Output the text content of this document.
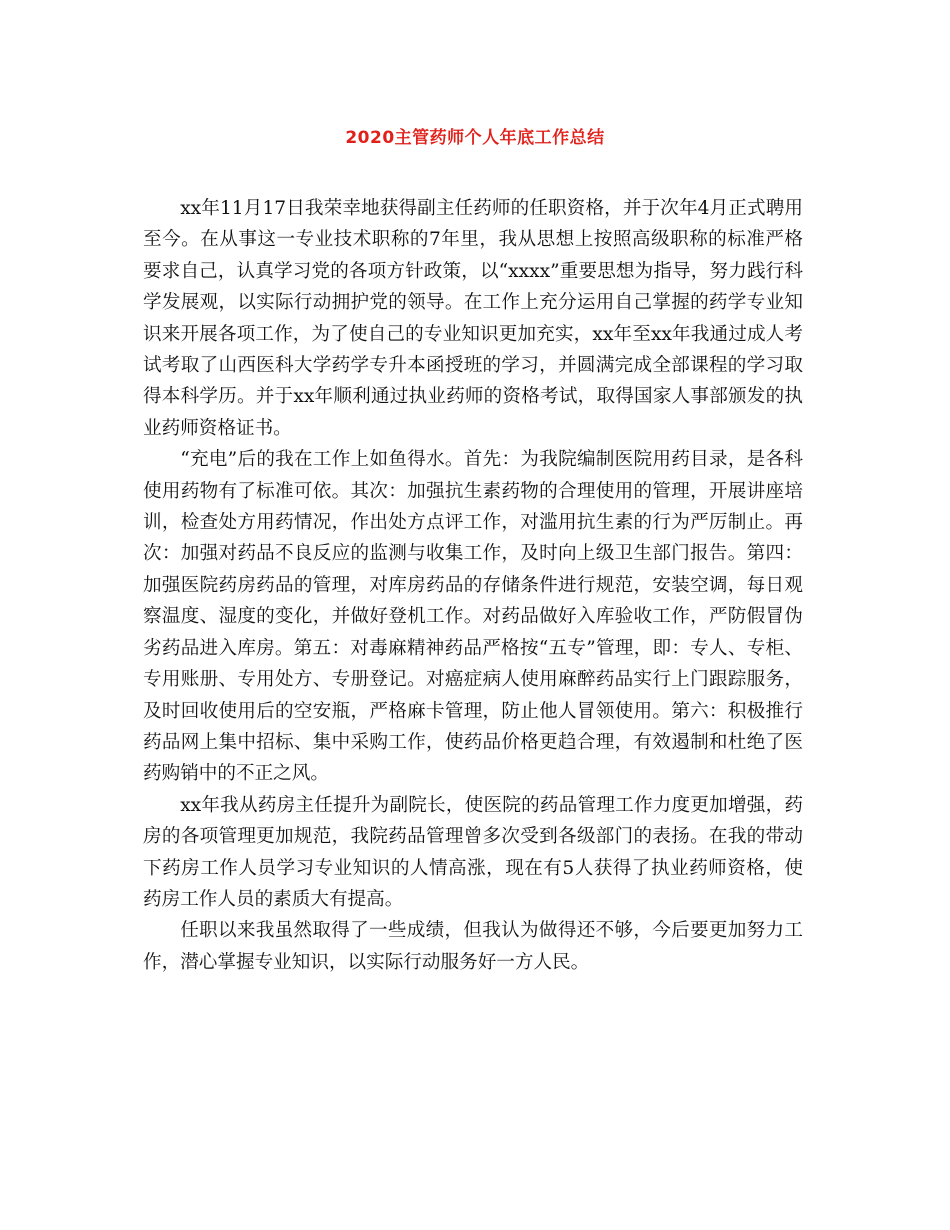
2020主管药师个人年底工作总结

xx年11月17日我荣幸地获得副主任药师的任职资格，并于次年4月正式聘用至今。在从事这一专业技术职称的7年里，我从思想上按照高级职称的标准严格要求自己，认真学习党的各项方针政策，以“xxxx”重要思想为指导，努力践行科学发展观，以实际行动拥护党的领导。在工作上充分运用自己掌握的药学专业知识来开展各项工作，为了使自己的专业知识更加充实，xx年至xx年我通过成人考试考取了山西医科大学药学专升本函授班的学习，并圆满完成全部课程的学习取得本科学历。并于xx年顺利通过执业药师的资格考试，取得国家人事部颁发的执业药师资格证书。

“充电”后的我在工作上如鱼得水。首先：为我院编制医院用药目录，是各科使用药物有了标准可依。其次：加强抗生素药物的合理使用的管理，开展讲座培训，检查处方用药情况，作出处方点评工作，对滥用抗生素的行为严厉制止。再次：加强对药品不良反应的监测与收集工作，及时向上级卫生部门报告。第四：加强医院药房药品的管理，对库房药品的存储条件进行规范，安装空调，每日观察温度、湿度的变化，并做好登机工作。对药品做好入库验收工作，严防假冒伪劣药品进入库房。第五：对毒麻精神药品严格按“五专”管理，即：专人、专柜、专用账册、专用处方、专册登记。对癌症病人使用麻醉药品实行上门跟踪服务，及时回收使用后的空安瓶，严格麻卡管理，防止他人冒领使用。第六：积极推行药品网上集中招标、集中采购工作，使药品价格更趋合理，有效遏制和杜绝了医药购销中的不正之风。

xx年我从药房主任提升为副院长，使医院的药品管理工作力度更加增强，药房的各项管理更加规范，我院药品管理曾多次受到各级部门的表扬。在我的带动下药房工作人员学习专业知识的人情高涨，现在有5人获得了执业药师资格，使药房工作人员的素质大有提高。

任职以来我虽然取得了一些成绩，但我认为做得还不够，今后要更加努力工作，潜心掌握专业知识，以实际行动服务好一方人民。
